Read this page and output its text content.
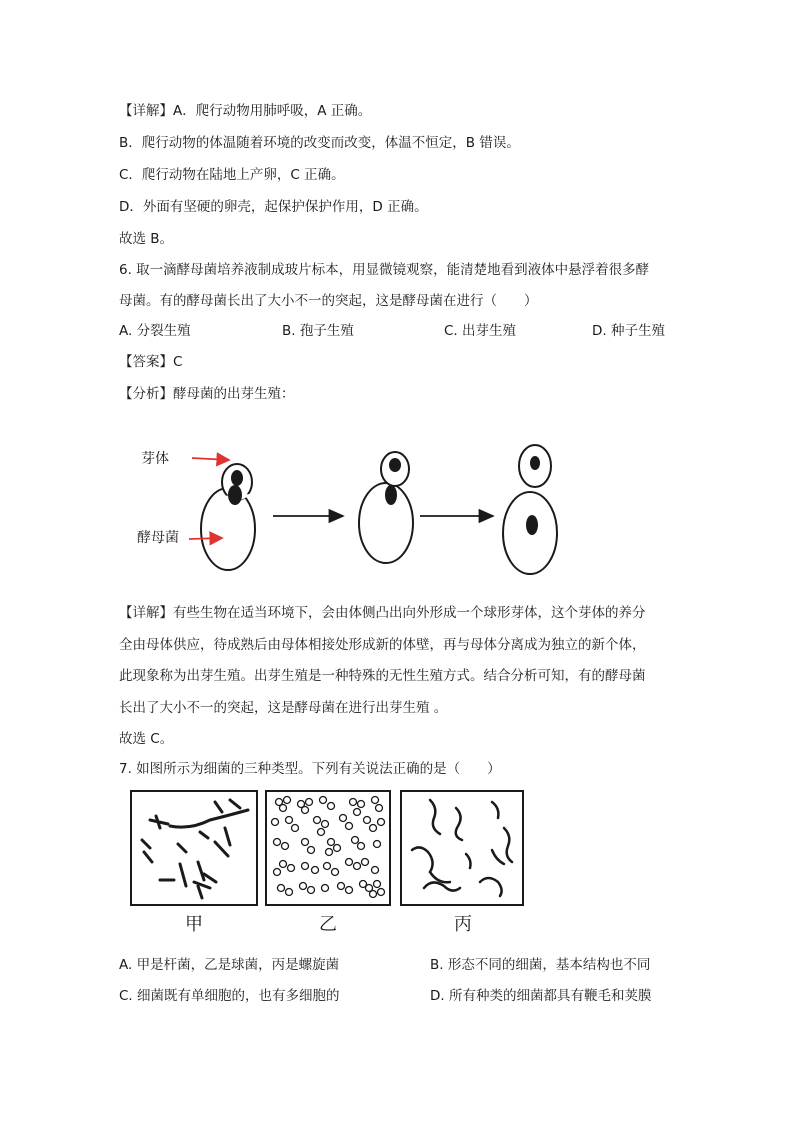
【详解】A．爬行动物用肺呼吸，A 正确。
B．爬行动物的体温随着环境的改变而改变，体温不恒定，B 错误。
C．爬行动物在陆地上产卵，C 正确。
D．外面有坚硬的卵壳，起保护保护作用，D 正确。
故选 B。
6. 取一滴酵母菌培养液制成玻片标本，用显微镜观察，能清楚地看到液体中悬浮着很多酵
母菌。有的酵母菌长出了大小不一的突起，这是酵母菌在进行（　　）
A. 分裂生殖	B. 孢子生殖	C. 出芽生殖	D. 种子生殖
【答案】C
【分析】酵母菌的出芽生殖：
芽体
酵母菌
【详解】有些生物在适当环境下，会由体侧凸出向外形成一个球形芽体，这个芽体的养分
全由母体供应，待成熟后由母体相接处形成新的体壁，再与母体分离成为独立的新个体，
此现象称为出芽生殖。出芽生殖是一种特殊的无性生殖方式。结合分析可知，有的酵母菌
长出了大小不一的突起，这是酵母菌在进行出芽生殖 。
故选 C。
7. 如图所示为细菌的三种类型。下列有关说法正确的是（　　）
甲	乙	丙
A. 甲是杆菌，乙是球菌，丙是螺旋菌	B. 形态不同的细菌，基本结构也不同
C. 细菌既有单细胞的，也有多细胞的	D. 所有种类的细菌都具有鞭毛和荚膜
